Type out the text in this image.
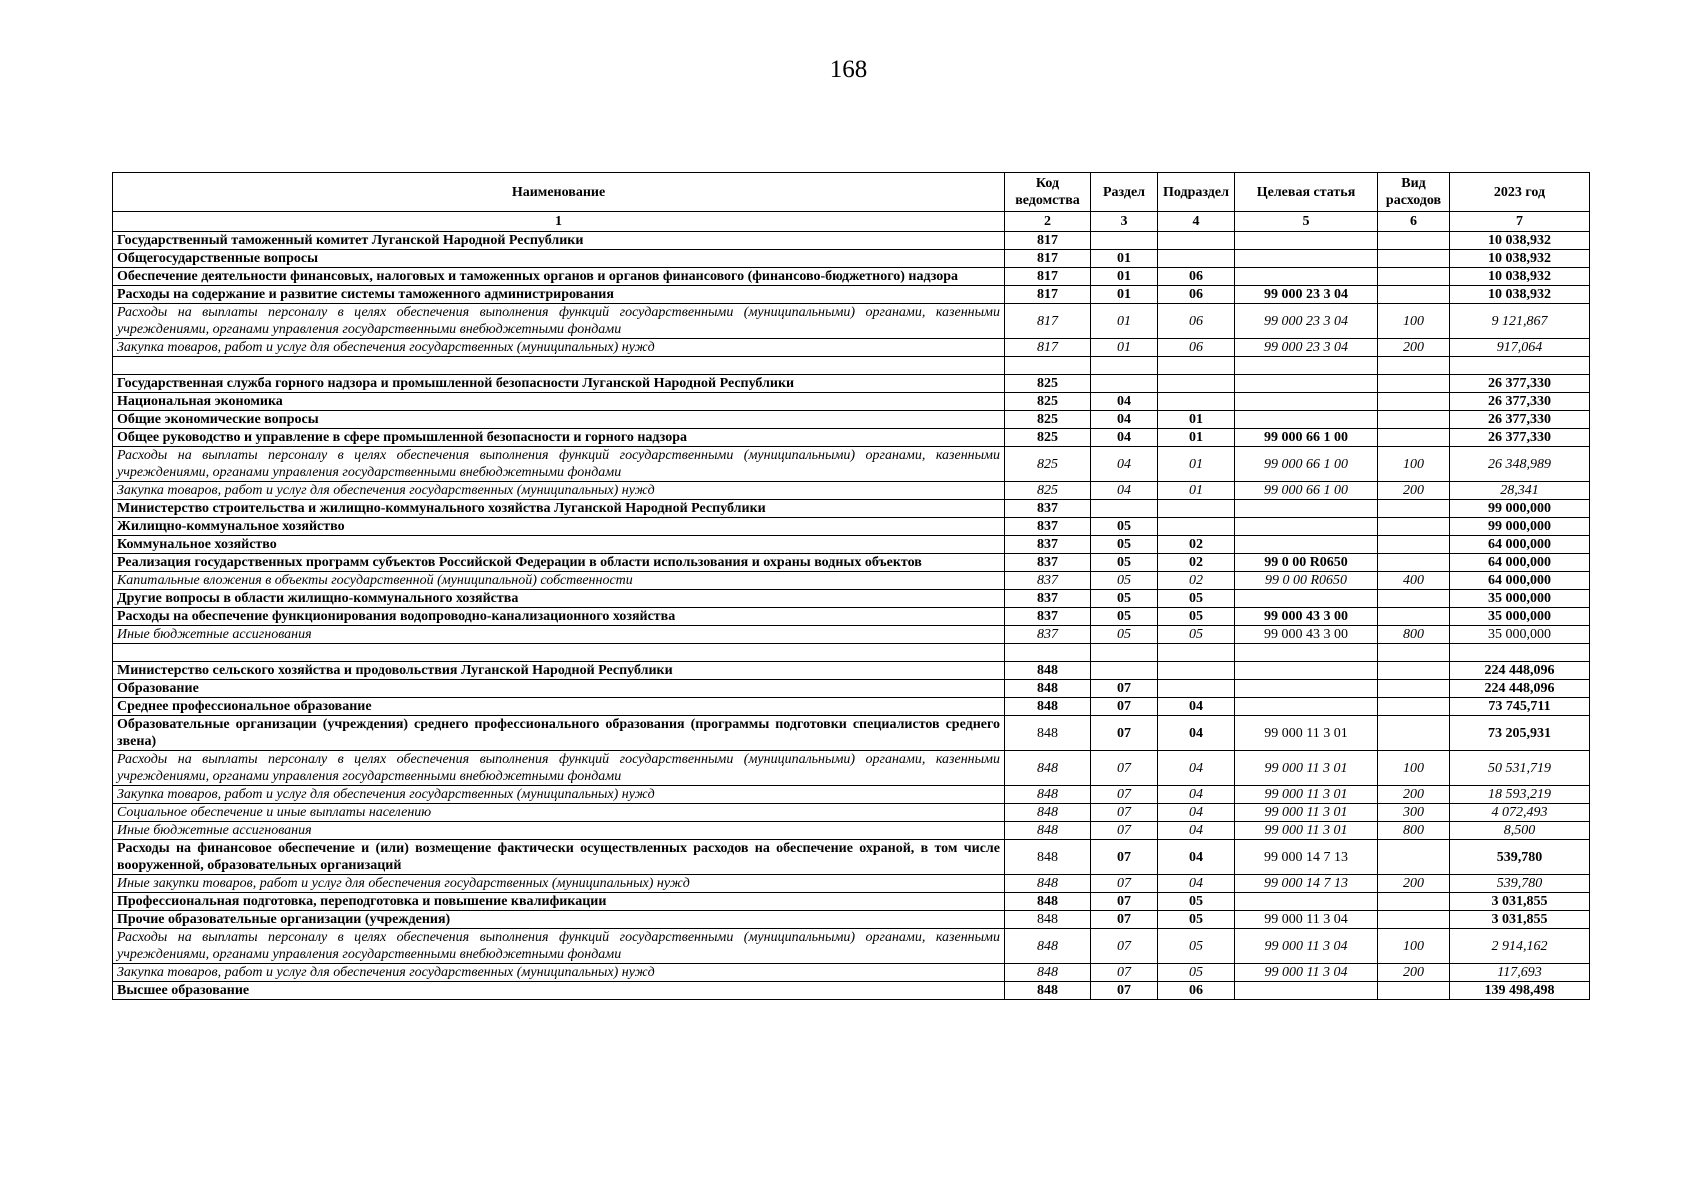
168
Наименование	Код ведомства	Раздел	Подраздел	Целевая статья	Вид расходов	2023 год
1	2	3	4	5	6	7
Государственный таможенный комитет Луганской Народной Республики	817					10 038,932
Общегосударственные вопросы	817	01				10 038,932
Обеспечение деятельности финансовых, налоговых и таможенных органов и органов финансового (финансово-бюджетного) надзора	817	01	06			10 038,932
Расходы на содержание и развитие системы таможенного администрирования	817	01	06	99 000 23 3 04		10 038,932
Расходы на выплаты персоналу в целях обеспечения выполнения функций государственными (муниципальными) органами, казенными учреждениями, органами управления государственными внебюджетными фондами	817	01	06	99 000 23 3 04	100	9 121,867
Закупка товаров, работ и услуг для обеспечения государственных (муниципальных) нужд	817	01	06	99 000 23 3 04	200	917,064

Государственная служба горного надзора и промышленной безопасности Луганской Народной Республики	825					26 377,330
Национальная экономика	825	04				26 377,330
Общие экономические вопросы	825	04	01			26 377,330
Общее руководство и управление в сфере промышленной безопасности и горного надзора	825	04	01	99 000 66 1 00		26 377,330
Расходы на выплаты персоналу в целях обеспечения выполнения функций государственными (муниципальными) органами, казенными учреждениями, органами управления государственными внебюджетными фондами	825	04	01	99 000 66 1 00	100	26 348,989
Закупка товаров, работ и услуг для обеспечения государственных (муниципальных) нужд	825	04	01	99 000 66 1 00	200	28,341
Министерство строительства и жилищно-коммунального хозяйства Луганской Народной Республики	837					99 000,000
Жилищно-коммунальное хозяйство	837	05				99 000,000
Коммунальное хозяйство	837	05	02			64 000,000
Реализация государственных программ субъектов Российской Федерации в области использования и охраны водных объектов	837	05	02	99 0 00 R0650		64 000,000
Капитальные вложения в объекты государственной (муниципальной) собственности	837	05	02	99 0 00 R0650	400	64 000,000
Другие вопросы в области жилищно-коммунального хозяйства	837	05	05			35 000,000
Расходы на обеспечение функционирования водопроводно-канализационного хозяйства	837	05	05	99 000 43 3 00		35 000,000
Иные бюджетные ассигнования	837	05	05	99 000 43 3 00	800	35 000,000

Министерство сельского хозяйства и продовольствия Луганской Народной Республики	848					224 448,096
Образование	848	07				224 448,096
Среднее профессиональное образование	848	07	04			73 745,711
Образовательные организации (учреждения) среднего профессионального образования (программы подготовки специалистов среднего звена)	848	07	04	99 000 11 3 01		73 205,931
Расходы на выплаты персоналу в целях обеспечения выполнения функций государственными (муниципальными) органами, казенными учреждениями, органами управления государственными внебюджетными фондами	848	07	04	99 000 11 3 01	100	50 531,719
Закупка товаров, работ и услуг для обеспечения государственных (муниципальных) нужд	848	07	04	99 000 11 3 01	200	18 593,219
Социальное обеспечение и иные выплаты населению	848	07	04	99 000 11 3 01	300	4 072,493
Иные бюджетные ассигнования	848	07	04	99 000 11 3 01	800	8,500
Расходы на финансовое обеспечение и (или) возмещение фактически осуществленных расходов на обеспечение охраной, в том числе вооруженной, образовательных организаций	848	07	04	99 000 14 7 13		539,780
Иные закупки товаров, работ и услуг для обеспечения государственных (муниципальных) нужд	848	07	04	99 000 14 7 13	200	539,780
Профессиональная подготовка, переподготовка и повышение квалификации	848	07	05			3 031,855
Прочие образовательные организации (учреждения)	848	07	05	99 000 11 3 04		3 031,855
Расходы на выплаты персоналу в целях обеспечения выполнения функций государственными (муниципальными) органами, казенными учреждениями, органами управления государственными внебюджетными фондами	848	07	05	99 000 11 3 04	100	2 914,162
Закупка товаров, работ и услуг для обеспечения государственных (муниципальных) нужд	848	07	05	99 000 11 3 04	200	117,693
Высшее образование	848	07	06			139 498,498
